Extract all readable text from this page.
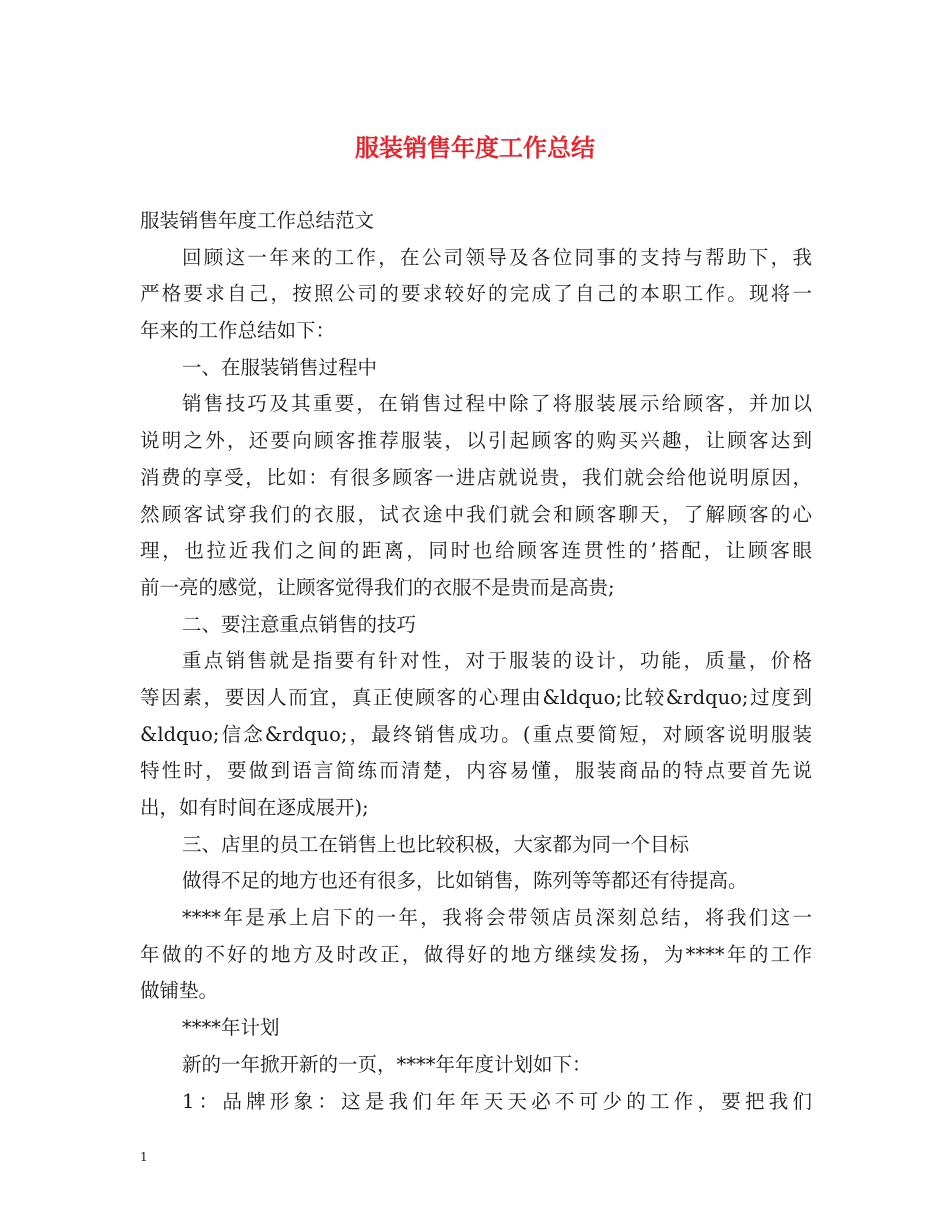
服装销售年度工作总结
服装销售年度工作总结范文
回顾这一年来的工作，在公司领导及各位同事的支持与帮助下，我
严格要求自己，按照公司的要求较好的完成了自己的本职工作。现将一
年来的工作总结如下：
一、在服装销售过程中
销售技巧及其重要，在销售过程中除了将服装展示给顾客，并加以
说明之外，还要向顾客推荐服装，以引起顾客的购买兴趣，让顾客达到
消费的享受，比如：有很多顾客一进店就说贵，我们就会给他说明原因，
然顾客试穿我们的衣服，试衣途中我们就会和顾客聊天，了解顾客的心
理，也拉近我们之间的距离，同时也给顾客连贯性的’搭配，让顾客眼
前一亮的感觉，让顾客觉得我们的衣服不是贵而是高贵;
二、要注意重点销售的技巧
重点销售就是指要有针对性，对于服装的设计，功能，质量，价格
等因素，要因人而宜，真正使顾客的心理由&ldquo;比较&rdquo;过度到
&ldquo;信念&rdquo;，最终销售成功。(重点要简短，对顾客说明服装
特性时，要做到语言简练而清楚，内容易懂，服装商品的特点要首先说
出，如有时间在逐成展开);
三、店里的员工在销售上也比较积极，大家都为同一个目标
做得不足的地方也还有很多，比如销售，陈列等等都还有待提高。
****年是承上启下的一年，我将会带领店员深刻总结，将我们这一
年做的不好的地方及时改正，做得好的地方继续发扬，为****年的工作
做铺垫。
****年计划
新的一年掀开新的一页，****年年度计划如下：
1：品牌形象：这是我们年年天天必不可少的工作，要把我们
1
